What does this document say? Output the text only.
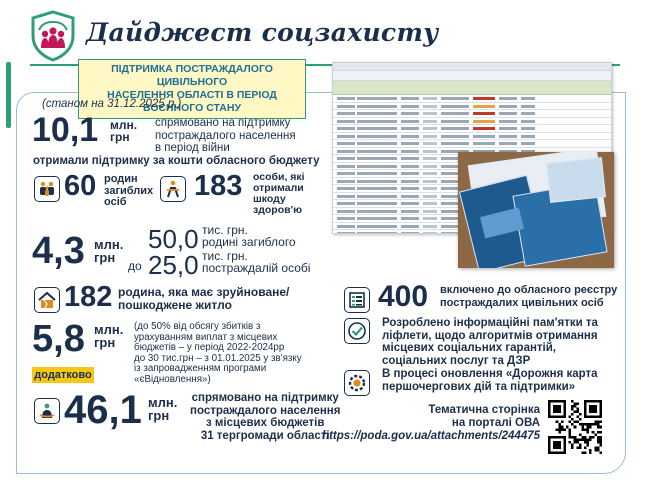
Дайджест соцзахисту
ПІДТРИМКА ПОСТРАЖДАЛОГО ЦИВІЛЬНОГО
НАСЕЛЕННЯ ОБЛАСТІ В ПЕРІОД ВОЄННОГО СТАНУ
(станом на 31.12.2025 р.)
10,1 млн.
грн
спрямовано на підтримку
постраждалого населення
в період війни
отримали підтримку за кошти обласного бюджету
60 родин
загиблих
осіб	183 особи, які
отримали
шкоду
здоров'ю
4,3 млн.
грн
до
50,0 тис. грн.
родині загиблого
25,0 тис. грн.
постраждалій особі
182 родина, яка має зруйноване/
пошкоджене житло
5,8 млн.
грн
(до 50% від обсягу збитків з
урахуванням виплат з місцевих
бюджетів – у період 2022-2024рр
до 30 тис.грн – з 01.01.2025 у зв'язку
із запровадженням програми
«єВідновлення»)
додатково
46,1 млн.
грн
спрямовано на підтримку
постраждалого населення
з місцевих бюджетів
31 тергромади області
400 включено до обласного реєстру
постраждалих цивільних осіб
Розроблено інформаційні пам'ятки та
лiфлети, щодо алгоритмів отримання
місцевих соціальних гарантій,
соціальних послуг та ДЗР
В процесі оновлення «Дорожня карта
першочергових дій та підтримки»
Тематична сторінка
на порталі ОВА
https://poda.gov.ua/attachments/244475
